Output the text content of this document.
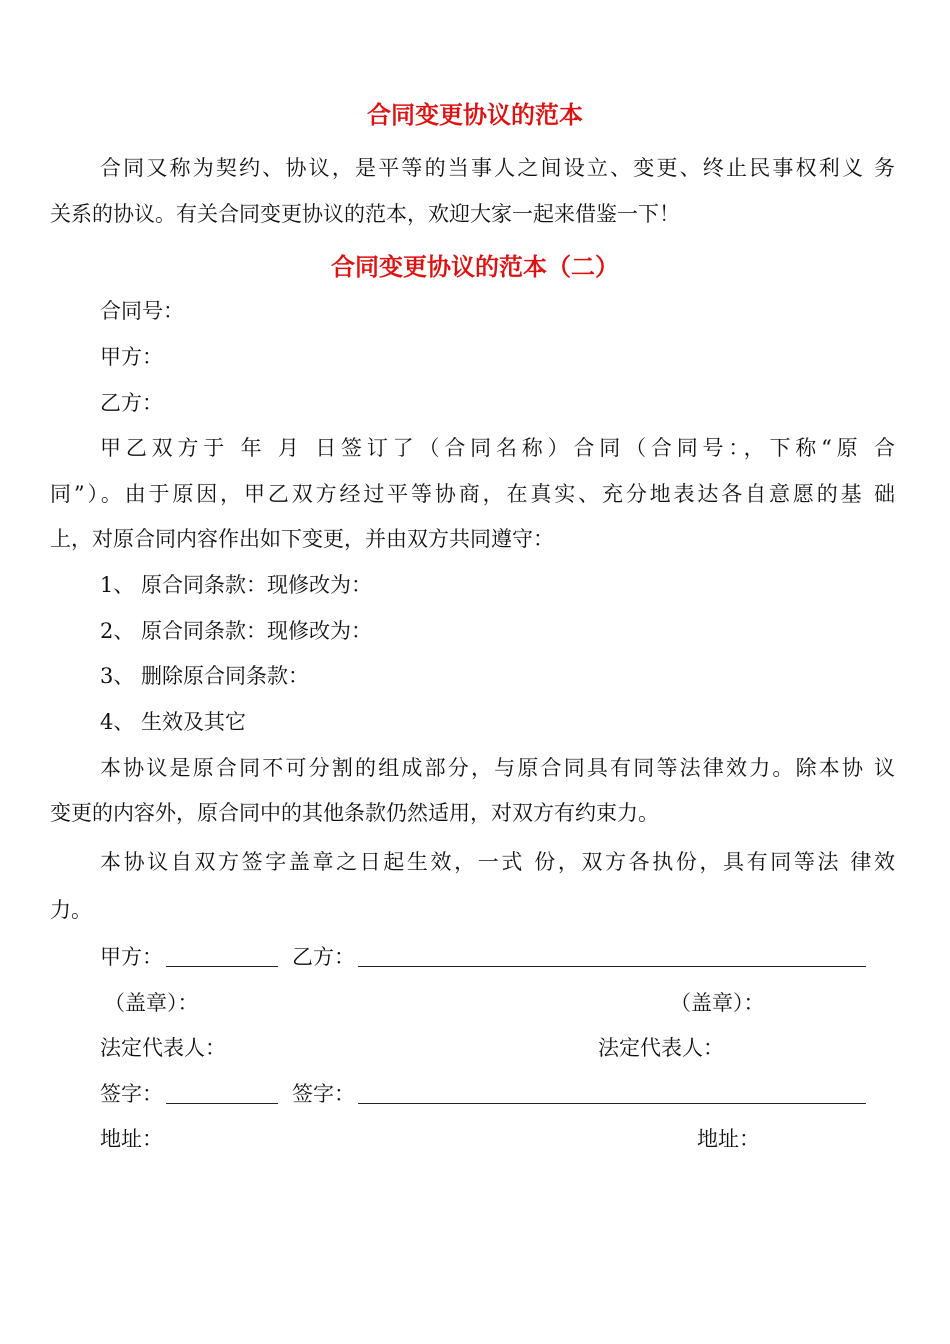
合同变更协议的范本
合同又称为契约、协议，是平等的当事人之间设立、变更、终止民事权利义 务
关系的协议。有关合同变更协议的范本，欢迎大家一起来借鉴一下！
合同变更协议的范本（二）
合同号：
甲方：
乙方：
甲乙双方于 年 月 日签订了（合同名称）合同（合同号：，下称“原 合
同”）。由于原因，甲乙双方经过平等协商，在真实、充分地表达各自意愿的基 础
上，对原合同内容作出如下变更，并由双方共同遵守：
1、 原合同条款：现修改为：
2、 原合同条款：现修改为：
3、 删除原合同条款：
4、 生效及其它
本协议是原合同不可分割的组成部分，与原合同具有同等法律效力。除本协 议
变更的内容外，原合同中的其他条款仍然适用，对双方有约束力。
本协议自双方签字盖章之日起生效，一式 份，双方各执份，具有同等法 律效
力。
甲方：	乙方：
（盖章）：	（盖章）：
法定代表人：	法定代表人：
签字：	签字：
地址：	地址：
